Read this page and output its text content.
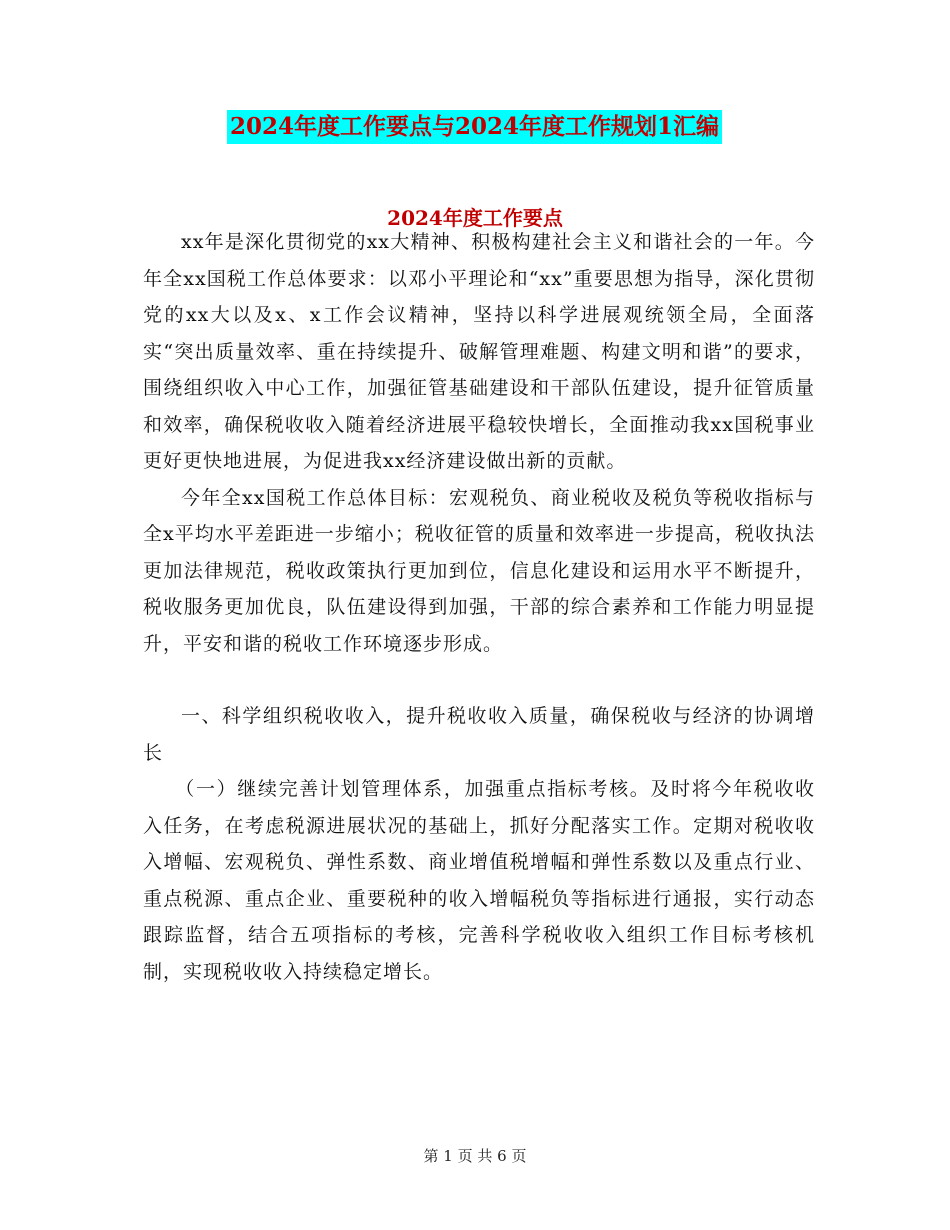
2024年度工作要点与2024年度工作规划1汇编
2024年度工作要点

xx年是深化贯彻党的xx大精神、积极构建社会主义和谐社会的一年。今年全xx国税工作总体要求：以邓小平理论和“xx”重要思想为指导，深化贯彻党的xx大以及x、x工作会议精神，坚持以科学进展观统领全局，全面落实“突出质量效率、重在持续提升、破解管理难题、构建文明和谐”的要求，围绕组织收入中心工作，加强征管基础建设和干部队伍建设，提升征管质量和效率，确保税收收入随着经济进展平稳较快增长，全面推动我xx国税事业更好更快地进展，为促进我xx经济建设做出新的贡献。

今年全xx国税工作总体目标：宏观税负、商业税收及税负等税收指标与全x平均水平差距进一步缩小；税收征管的质量和效率进一步提高，税收执法更加法律规范，税收政策执行更加到位，信息化建设和运用水平不断提升，税收服务更加优良，队伍建设得到加强，干部的综合素养和工作能力明显提升，平安和谐的税收工作环境逐步形成。

一、科学组织税收收入，提升税收收入质量，确保税收与经济的协调增长

（一）继续完善计划管理体系，加强重点指标考核。及时将今年税收收入任务，在考虑税源进展状况的基础上，抓好分配落实工作。定期对税收收入增幅、宏观税负、弹性系数、商业增值税增幅和弹性系数以及重点行业、重点税源、重点企业、重要税种的收入增幅税负等指标进行通报，实行动态跟踪监督，结合五项指标的考核，完善科学税收收入组织工作目标考核机制，实现税收收入持续稳定增长。

第 1 页 共 6 页
